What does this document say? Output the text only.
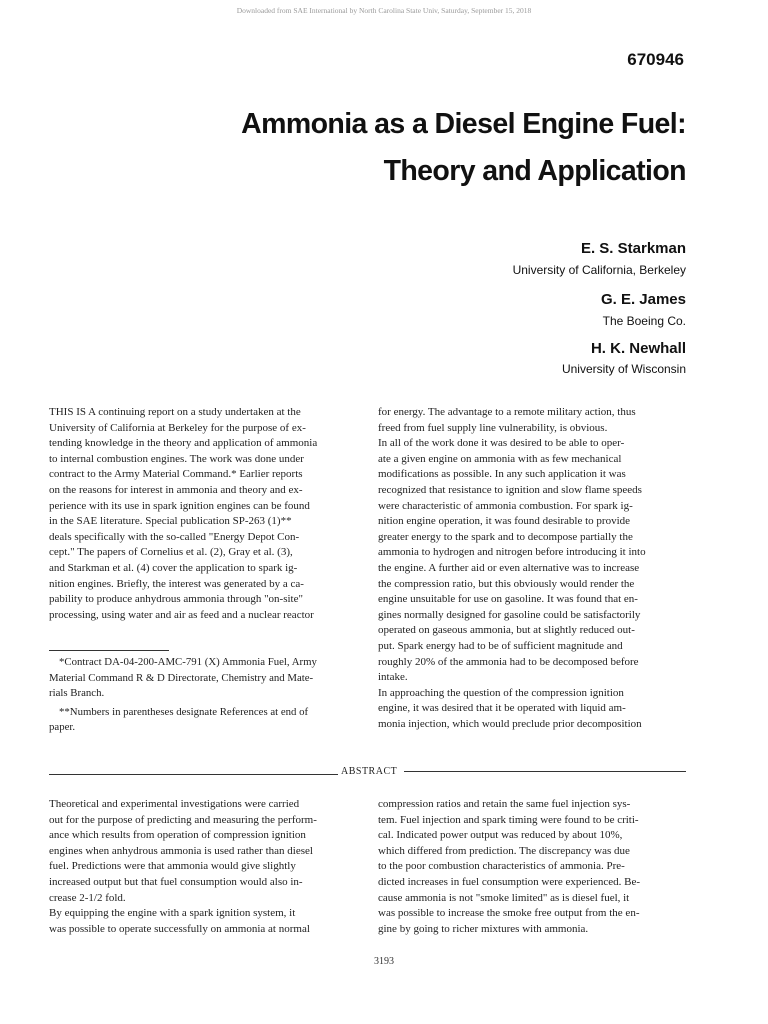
Downloaded from SAE International by North Carolina State Univ, Saturday, September 15, 2018
670946
Ammonia as a Diesel Engine Fuel:
Theory and Application
E. S. Starkman
University of California, Berkeley
G. E. James
The Boeing Co.
H. K. Newhall
University of Wisconsin
THIS IS A continuing report on a study undertaken at the
University of California at Berkeley for the purpose of ex-
tending knowledge in the theory and application of ammonia
to internal combustion engines. The work was done under
contract to the Army Material Command.* Earlier reports
on the reasons for interest in ammonia and theory and ex-
perience with its use in spark ignition engines can be found
in the SAE literature. Special publication SP-263 (1)**
deals specifically with the so-called "Energy Depot Con-
cept." The papers of Cornelius et al. (2), Gray et al. (3),
and Starkman et al. (4) cover the application to spark ig-
nition engines. Briefly, the interest was generated by a ca-
pability to produce anhydrous ammonia through "on-site"
processing, using water and air as feed and a nuclear reactor
*Contract DA-04-200-AMC-791 (X) Ammonia Fuel, Army
Material Command R & D Directorate, Chemistry and Mate-
rials Branch.
**Numbers in parentheses designate References at end of
paper.
for energy. The advantage to a remote military action, thus
freed from fuel supply line vulnerability, is obvious.
In all of the work done it was desired to be able to oper-
ate a given engine on ammonia with as few mechanical
modifications as possible. In any such application it was
recognized that resistance to ignition and slow flame speeds
were characteristic of ammonia combustion. For spark ig-
nition engine operation, it was found desirable to provide
greater energy to the spark and to decompose partially the
ammonia to hydrogen and nitrogen before introducing it into
the engine. A further aid or even alternative was to increase
the compression ratio, but this obviously would render the
engine unsuitable for use on gasoline. It was found that en-
gines normally designed for gasoline could be satisfactorily
operated on gaseous ammonia, but at slightly reduced out-
put. Spark energy had to be of sufficient magnitude and
roughly 20% of the ammonia had to be decomposed before
intake.
In approaching the question of the compression ignition
engine, it was desired that it be operated with liquid am-
monia injection, which would preclude prior decomposition
ABSTRACT
Theoretical and experimental investigations were carried
out for the purpose of predicting and measuring the perform-
ance which results from operation of compression ignition
engines when anhydrous ammonia is used rather than diesel
fuel. Predictions were that ammonia would give slightly
increased output but that fuel consumption would also in-
crease 2-1/2 fold.
By equipping the engine with a spark ignition system, it
was possible to operate successfully on ammonia at normal
compression ratios and retain the same fuel injection sys-
tem. Fuel injection and spark timing were found to be criti-
cal. Indicated power output was reduced by about 10%,
which differed from prediction. The discrepancy was due
to the poor combustion characteristics of ammonia. Pre-
dicted increases in fuel consumption were experienced. Be-
cause ammonia is not "smoke limited" as is diesel fuel, it
was possible to increase the smoke free output from the en-
gine by going to richer mixtures with ammonia.
3193
